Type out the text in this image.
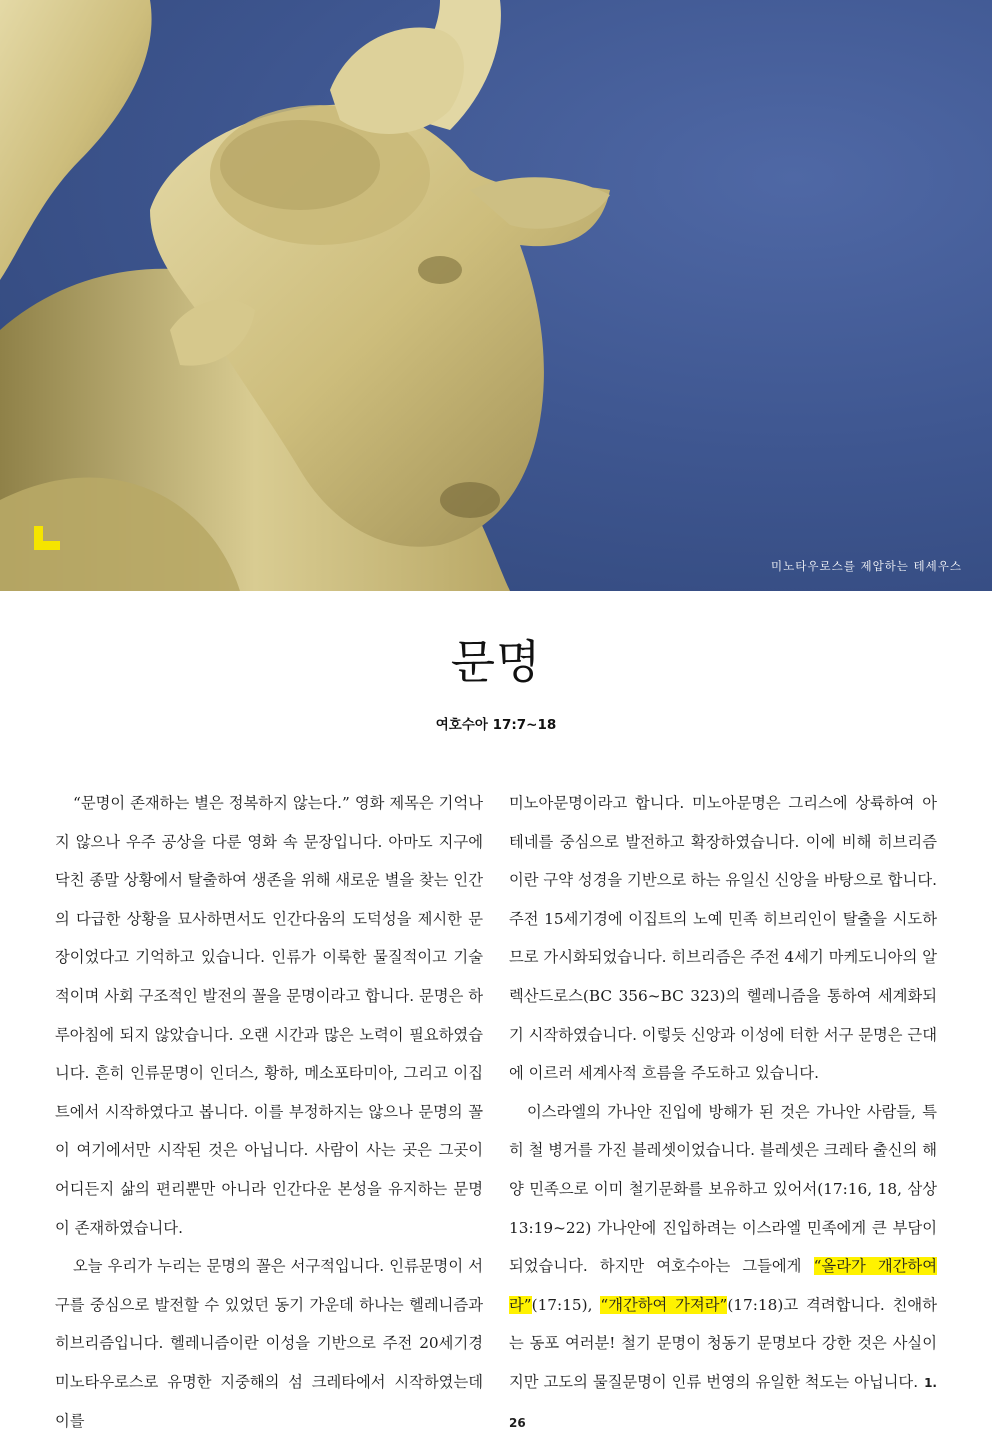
미노타우로스를 제압하는 테세우스
문명
여호수아 17:7~18

“문명이 존재하는 별은 정복하지 않는다.” 영화 제목은 기억나지 않으나 우주 공상을 다룬 영화 속 문장입니다. 아마도 지구에 닥친 종말 상황에서 탈출하여 생존을 위해 새로운 별을 찾는 인간의 다급한 상황을 묘사하면서도 인간다움의 도덕성을 제시한 문장이었다고 기억하고 있습니다. 인류가 이룩한 물질적이고 기술적이며 사회 구조적인 발전의 꼴을 문명이라고 합니다. 문명은 하루아침에 되지 않았습니다. 오랜 시간과 많은 노력이 필요하였습니다. 흔히 인류문명이 인더스, 황하, 메소포타미아, 그리고 이집트에서 시작하였다고 봅니다. 이를 부정하지는 않으나 문명의 꼴이 여기에서만 시작된 것은 아닙니다. 사람이 사는 곳은 그곳이 어디든지 삶의 편리뿐만 아니라 인간다운 본성을 유지하는 문명이 존재하였습니다.

오늘 우리가 누리는 문명의 꼴은 서구적입니다. 인류문명이 서구를 중심으로 발전할 수 있었던 동기 가운데 하나는 헬레니즘과 히브리즘입니다. 헬레니즘이란 이성을 기반으로 주전 20세기경 미노타우로스로 유명한 지중해의 섬 크레타에서 시작하였는데 이를

미노아문명이라고 합니다. 미노아문명은 그리스에 상륙하여 아테네를 중심으로 발전하고 확장하였습니다. 이에 비해 히브리즘이란 구약 성경을 기반으로 하는 유일신 신앙을 바탕으로 합니다. 주전 15세기경에 이집트의 노예 민족 히브리인이 탈출을 시도하므로 가시화되었습니다. 히브리즘은 주전 4세기 마케도니아의 알렉산드로스(BC 356~BC 323)의 헬레니즘을 통하여 세계화되기 시작하였습니다. 이렇듯 신앙과 이성에 터한 서구 문명은 근대에 이르러 세계사적 흐름을 주도하고 있습니다.

이스라엘의 가나안 진입에 방해가 된 것은 가나안 사람들, 특히 철 병거를 가진 블레셋이었습니다. 블레셋은 크레타 출신의 해양 민족으로 이미 철기문화를 보유하고 있어서(17:16, 18, 삼상 13:19~22) 가나안에 진입하려는 이스라엘 민족에게 큰 부담이 되었습니다. 하지만 여호수아는 그들에게 “올라가 개간하여라”(17:15), “개간하여 가져라”(17:18)고 격려합니다. 친애하는 동포 여러분! 철기 문명이 청동기 문명보다 강한 것은 사실이지만 고도의 물질문명이 인류 번영의 유일한 척도는 아닙니다. 1. 26
